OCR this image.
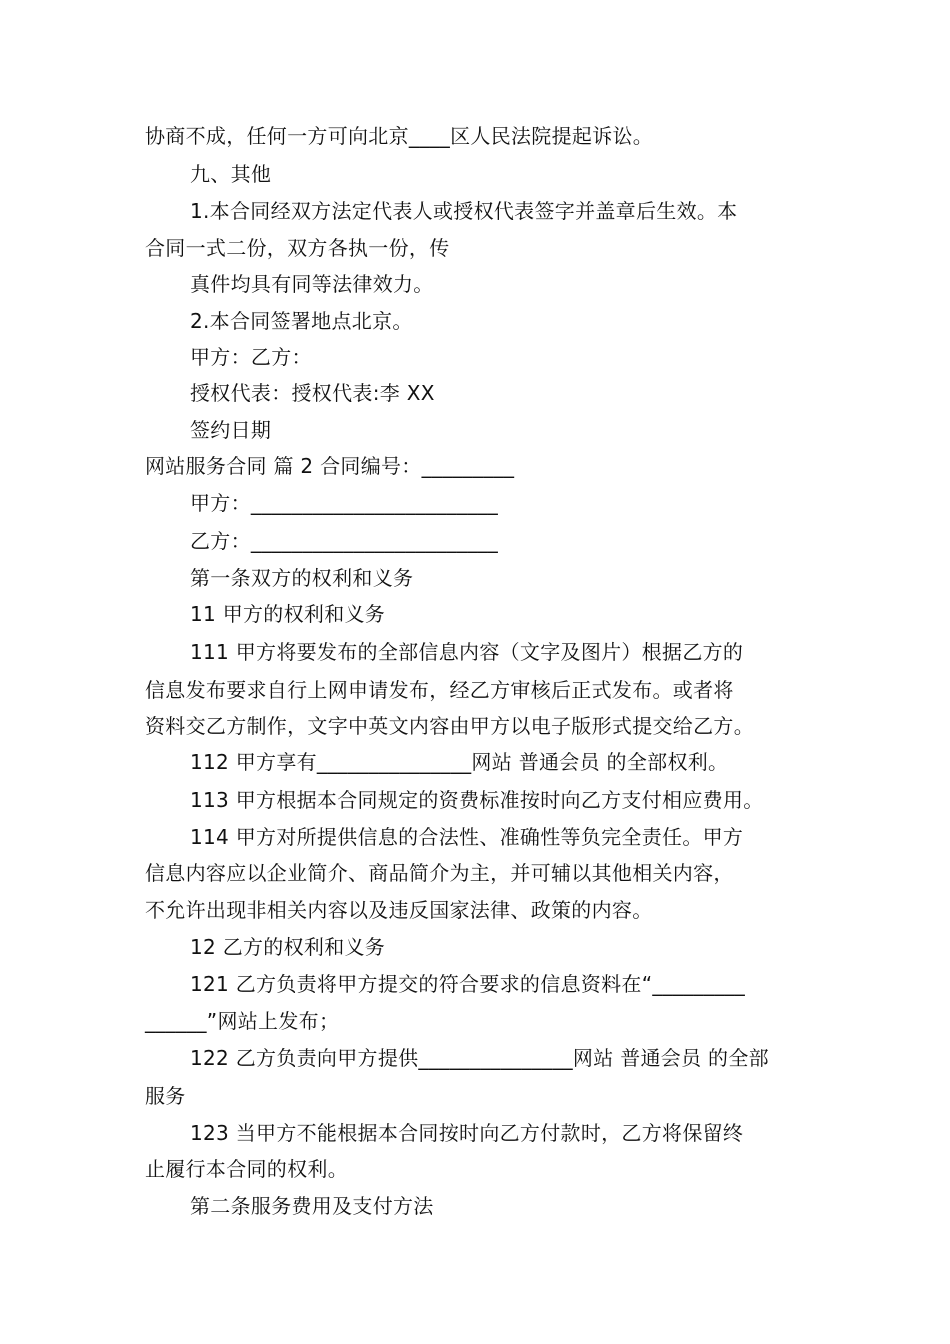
协商不成，任何一方可向北京____区人民法院提起诉讼。
九、其他
1.本合同经双方法定代表人或授权代表签字并盖章后生效。本
合同一式二份，双方各执一份，传
真件均具有同等法律效力。
2.本合同签署地点北京。
甲方：乙方：
授权代表：授权代表:李 XX
签约日期
网站服务合同 篇 2 合同编号：_________
甲方：________________________
乙方：________________________
第一条双方的权利和义务
11 甲方的权利和义务
111 甲方将要发布的全部信息内容（文字及图片）根据乙方的
信息发布要求自行上网申请发布，经乙方审核后正式发布。或者将
资料交乙方制作，文字中英文内容由甲方以电子版形式提交给乙方。
112 甲方享有_______________网站 普通会员 的全部权利。
113 甲方根据本合同规定的资费标准按时向乙方支付相应费用。
114 甲方对所提供信息的合法性、准确性等负完全责任。甲方
信息内容应以企业简介、商品简介为主，并可辅以其他相关内容，
不允许出现非相关内容以及违反国家法律、政策的内容。
12 乙方的权利和义务
121 乙方负责将甲方提交的符合要求的信息资料在“_________
______”网站上发布；
122 乙方负责向甲方提供_______________网站 普通会员 的全部
服务
123 当甲方不能根据本合同按时向乙方付款时，乙方将保留终
止履行本合同的权利。
第二条服务费用及支付方法
